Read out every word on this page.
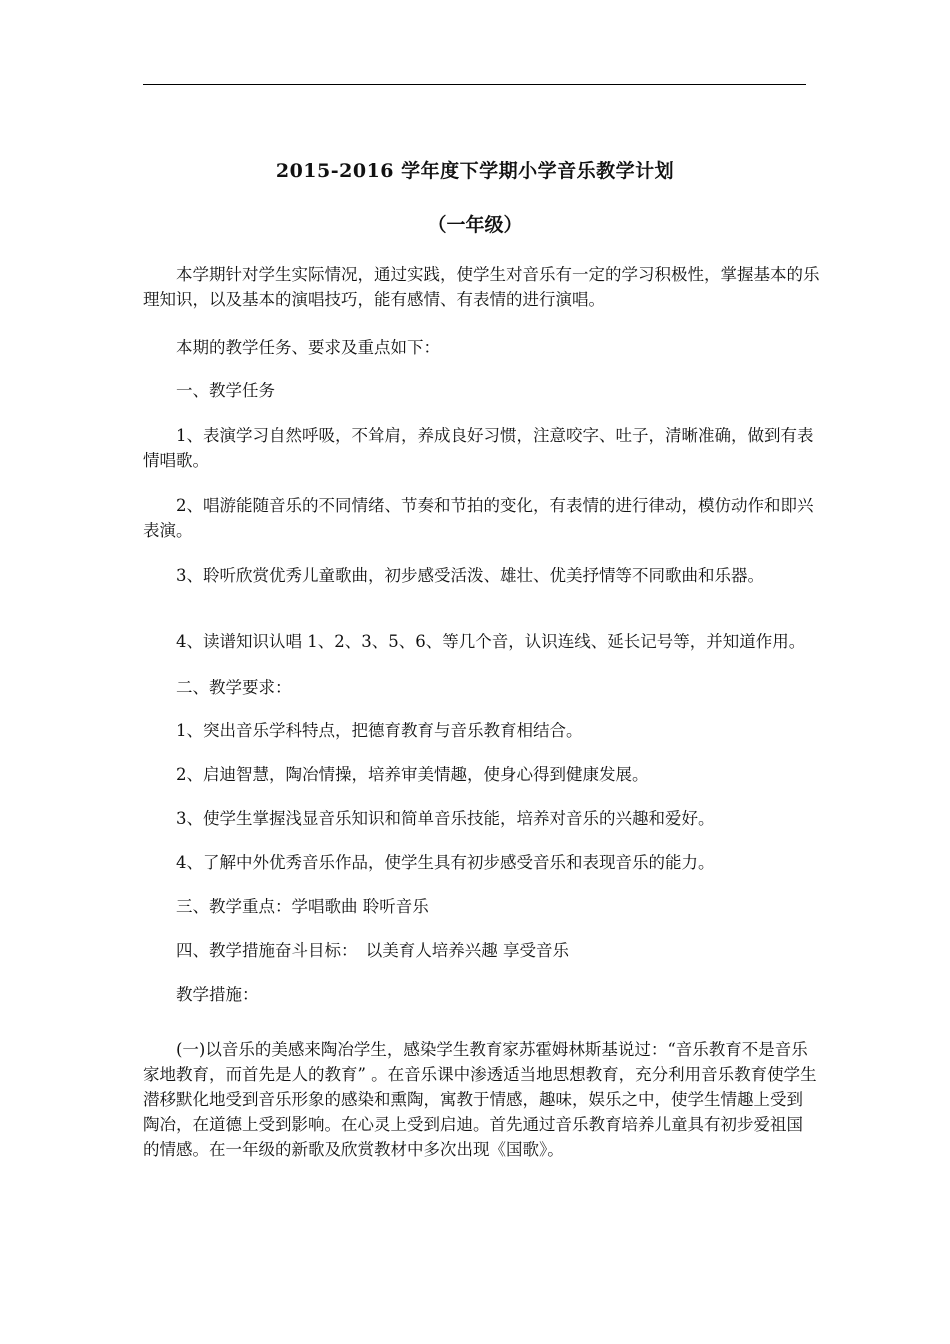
2015-2016 学年度下学期小学音乐教学计划
（一年级）

本学期针对学生实际情况，通过实践，使学生对音乐有一定的学习积极性，掌握基本的乐理知识，以及基本的演唱技巧，能有感情、有表情的进行演唱。

本期的教学任务、要求及重点如下：

一、教学任务

1、表演学习自然呼吸，不耸肩，养成良好习惯，注意咬字、吐子，清晰准确，做到有表情唱歌。

2、唱游能随音乐的不同情绪、节奏和节拍的变化，有表情的进行律动，模仿动作和即兴表演。

3、聆听欣赏优秀儿童歌曲，初步感受活泼、雄壮、优美抒情等不同歌曲和乐器。

4、读谱知识认唱 1、2、3、5、6、等几个音，认识连线、延长记号等，并知道作用。

二、教学要求：

1、突出音乐学科特点，把德育教育与音乐教育相结合。

2、启迪智慧，陶冶情操，培养审美情趣，使身心得到健康发展。

3、使学生掌握浅显音乐知识和简单音乐技能，培养对音乐的兴趣和爱好。

4、了解中外优秀音乐作品，使学生具有初步感受音乐和表现音乐的能力。

三、教学重点：学唱歌曲 聆听音乐

四、教学措施奋斗目标：　以美育人培养兴趣 享受音乐

教学措施：

(一)以音乐的美感来陶冶学生，感染学生教育家苏霍姆林斯基说过：“音乐教育不是音乐家地教育，而首先是人的教育” 。在音乐课中渗透适当地思想教育，充分利用音乐教育使学生潜移默化地受到音乐形象的感染和熏陶，寓教于情感，趣味，娱乐之中，使学生情趣上受到陶冶，在道德上受到影响。在心灵上受到启迪。首先通过音乐教育培养儿童具有初步爱祖国的情感。在一年级的新歌及欣赏教材中多次出现《国歌》。
